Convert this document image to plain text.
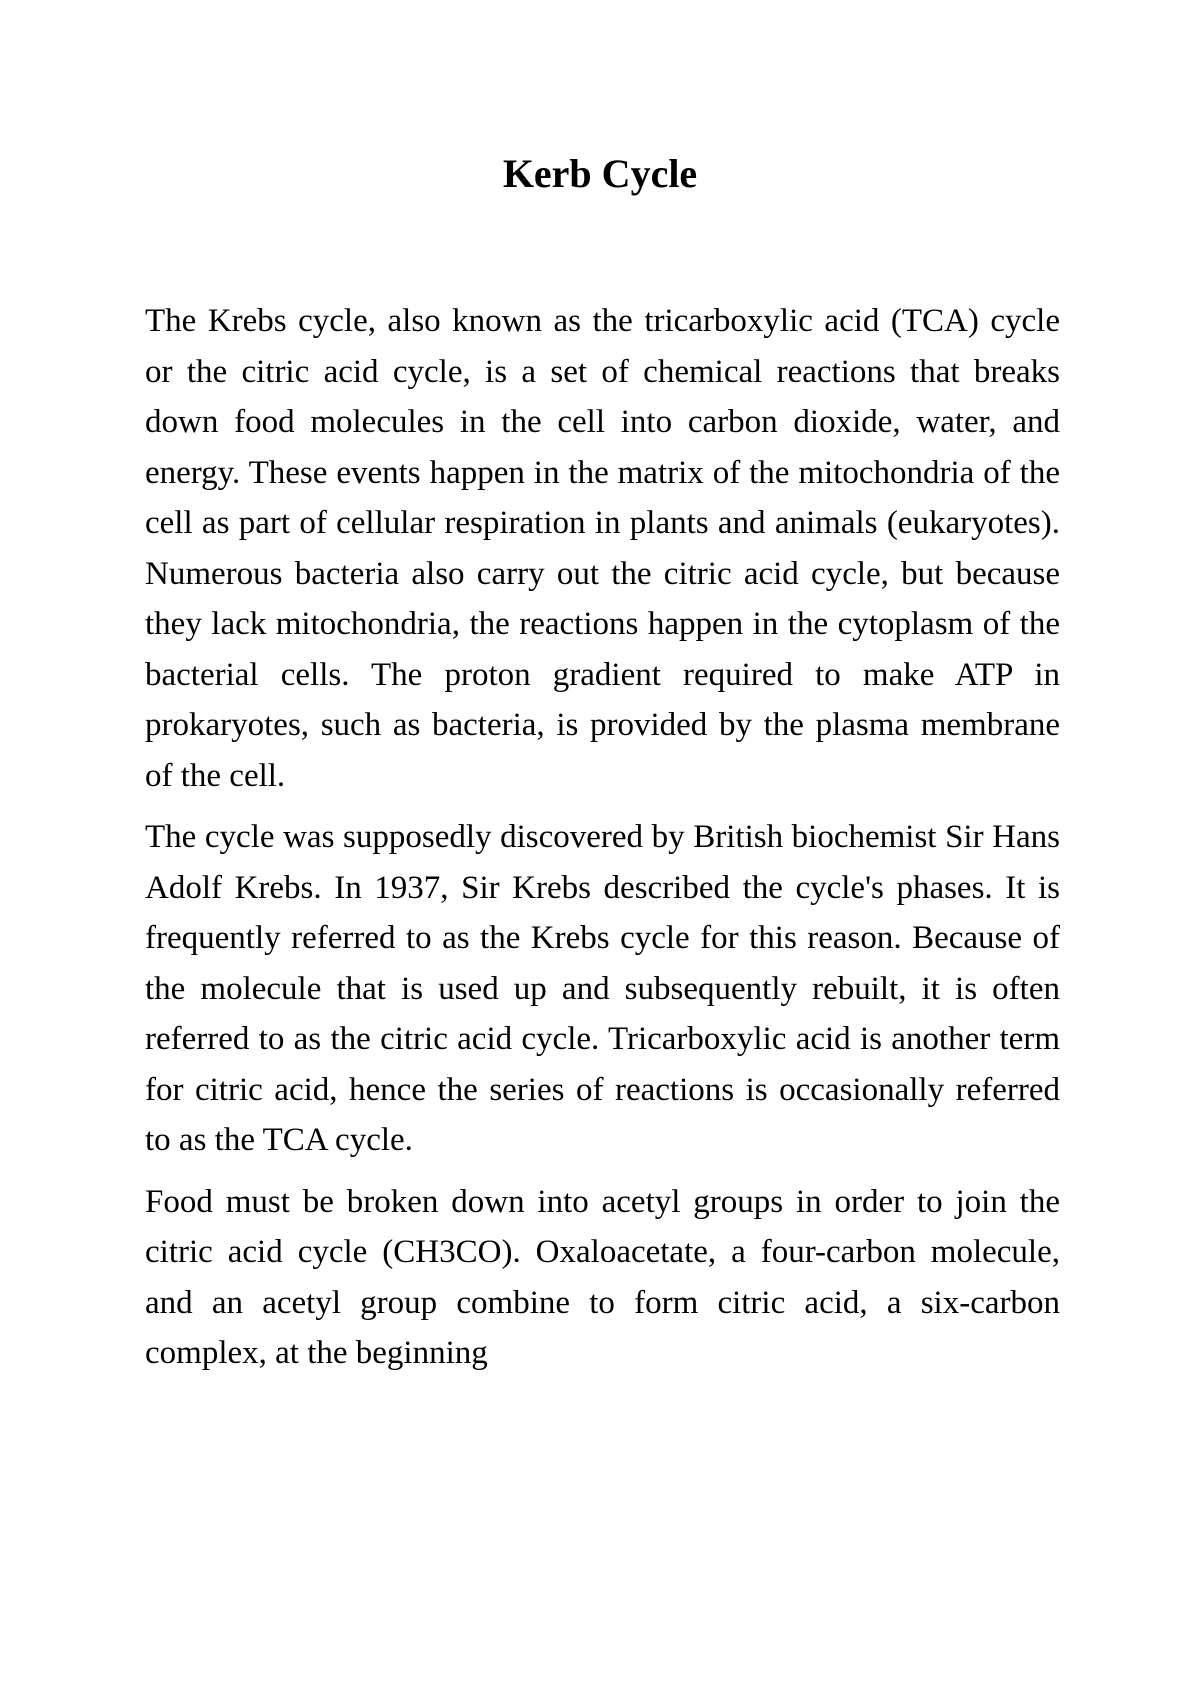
Kerb Cycle

The Krebs cycle, also known as the tricarboxylic acid (TCA) cycle or the citric acid cycle, is a set of chemical reactions that breaks down food molecules in the cell into carbon dioxide, water, and energy. These events happen in the matrix of the mitochondria of the cell as part of cellular respiration in plants and animals (eukaryotes). Numerous bacteria also carry out the citric acid cycle, but because they lack mitochondria, the reactions happen in the cytoplasm of the bacterial cells. The proton gradient required to make ATP in prokaryotes, such as bacteria, is provided by the plasma membrane of the cell.

The cycle was supposedly discovered by British biochemist Sir Hans Adolf Krebs. In 1937, Sir Krebs described the cycle's phases. It is frequently referred to as the Krebs cycle for this reason. Because of the molecule that is used up and subsequently rebuilt, it is often referred to as the citric acid cycle. Tricarboxylic acid is another term for citric acid, hence the series of reactions is occasionally referred to as the TCA cycle.

Food must be broken down into acetyl groups in order to join the citric acid cycle (CH3CO). Oxaloacetate, a four-carbon molecule, and an acetyl group combine to form citric acid, a six-carbon complex, at the beginning
